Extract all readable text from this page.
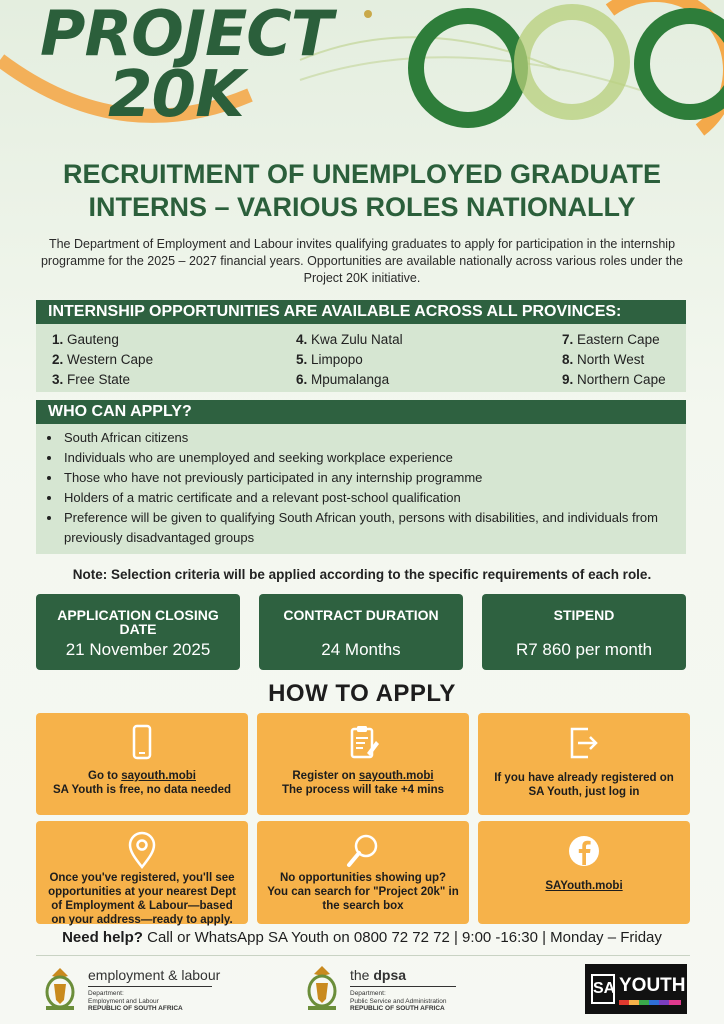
PROJECT
20K
RECRUITMENT OF UNEMPLOYED GRADUATE
INTERNS – VARIOUS ROLES NATIONALLY
The Department of Employment and Labour invites qualifying graduates to apply for participation in the internship programme for the 2025 – 2027 financial years. Opportunities are available nationally across various roles under the Project 20K initiative.
INTERNSHIP OPPORTUNITIES ARE AVAILABLE ACROSS ALL PROVINCES:
1. Gauteng
2. Western Cape
3. Free State
4. Kwa Zulu Natal
5. Limpopo
6. Mpumalanga
7. Eastern Cape
8. North West
9. Northern Cape
WHO CAN APPLY?
• South African citizens
• Individuals who are unemployed and seeking workplace experience
• Those who have not previously participated in any internship programme
• Holders of a matric certificate and a relevant post-school qualification
• Preference will be given to qualifying South African youth, persons with disabilities, and individuals from previously disadvantaged groups
Note: Selection criteria will be applied according to the specific requirements of each role.
APPLICATION CLOSING
DATE
21 November 2025
CONTRACT DURATION
24 Months
STIPEND
R7 860 per month
HOW TO APPLY
Go to sayouth.mobi
SA Youth is free, no data needed
Register on sayouth.mobi
The process will take +4 mins
If you have already registered on
SA Youth, just log in
Once you've registered, you'll see opportunities at your nearest Dept of Employment & Labour—based on your address—ready to apply.
No opportunities showing up?
You can search for "Project 20k" in the search box
SAYouth.mobi
Need help? Call or WhatsApp SA Youth on 0800 72 72 72 | 9:00 -16:30 | Monday – Friday
employment & labour
Department:
Employment and Labour
REPUBLIC OF SOUTH AFRICA
the dpsa
Department:
Public Service and Administration
REPUBLIC OF SOUTH AFRICA
SA YOUTH
